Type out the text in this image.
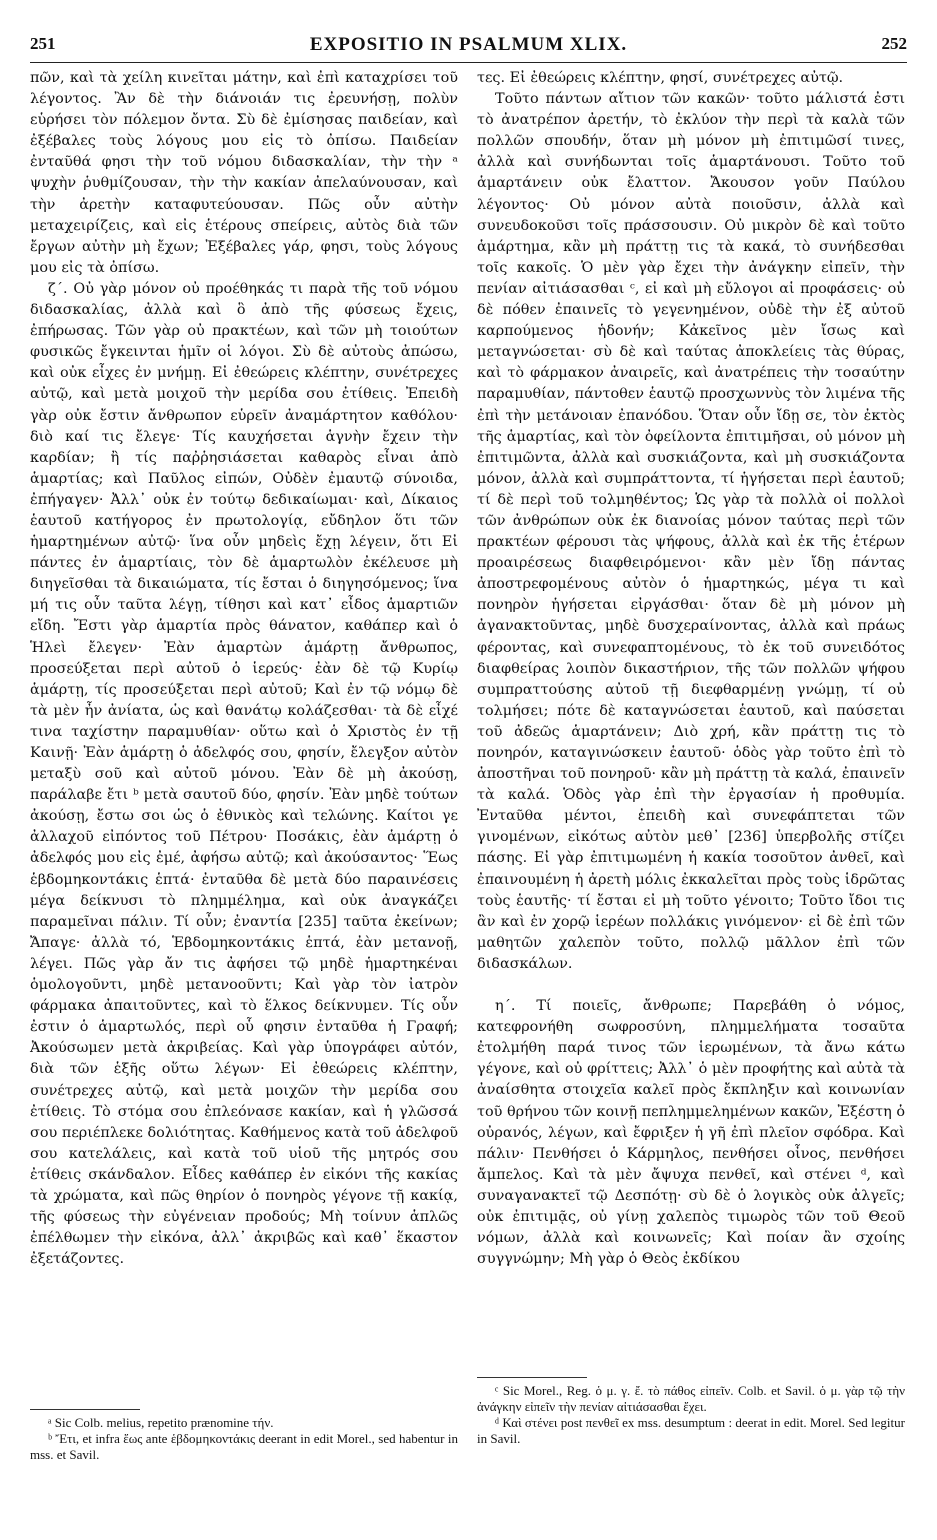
251	EXPOSITIO IN PSALMUM XLIX.	252

πῶν, καὶ τὰ χείλη κινεῖται μάτην, καὶ ἐπὶ καταχρίσει τοῦ λέγοντος. Ἂν δὲ τὴν διάνοιάν τις ἐρευνήσῃ, πολὺν εὑρήσει τὸν πόλεμον ὄντα. Σὺ δὲ ἐμίσησας παιδείαν, καὶ ἐξέβαλες τοὺς λόγους μου εἰς τὸ ὀπίσω. Παιδείαν ἐνταῦθά φησι τὴν τοῦ νόμου διδασκαλίαν, τὴν τὴν ᵃ ψυχὴν ῥυθμίζουσαν, τὴν τὴν κακίαν ἀπελαύνουσαν, καὶ τὴν ἀρετὴν καταφυτεύουσαν. Πῶς οὖν αὐτὴν μεταχειρίζεις, καὶ εἰς ἑτέρους σπείρεις, αὐτὸς διὰ τῶν ἔργων αὐτὴν μὴ ἔχων; Ἐξέβαλες γάρ, φησι, τοὺς λόγους μου εἰς τὰ ὀπίσω.

ζ΄. Οὐ γὰρ μόνον οὐ προέθηκάς τι παρὰ τῆς τοῦ νόμου διδασκαλίας, ἀλλὰ καὶ ὃ ἀπὸ τῆς φύσεως ἔχεις, ἐπήρωσας. Τῶν γὰρ οὐ πρακτέων, καὶ τῶν μὴ τοιούτων φυσικῶς ἔγκεινται ἡμῖν οἱ λόγοι. Σὺ δὲ αὐτοὺς ἀπώσω, καὶ οὐκ εἶχες ἐν μνήμῃ. Εἰ ἐθεώρεις κλέπτην, συνέτρεχες αὐτῷ, καὶ μετὰ μοιχοῦ τὴν μερίδα σου ἐτίθεις. Ἐπειδὴ γὰρ οὐκ ἔστιν ἄνθρωπον εὑρεῖν ἀναμάρτητον καθόλου· διὸ καί τις ἔλεγε· Τίς καυχήσεται ἁγνὴν ἔχειν τὴν καρδίαν; ἢ τίς παῤῥησιάσεται καθαρὸς εἶναι ἀπὸ ἁμαρτίας; καὶ Παῦλος εἰπών, Οὐδὲν ἐμαυτῷ σύνοιδα, ἐπήγαγεν· Ἀλλ᾿ οὐκ ἐν τούτῳ δεδικαίωμαι· καὶ, Δίκαιος ἑαυτοῦ κατήγορος ἐν πρωτολογίᾳ, εὔδηλον ὅτι τῶν ἡμαρτημένων αὐτῷ· ἵνα οὖν μηδεὶς ἔχῃ λέγειν, ὅτι Εἰ πάντες ἐν ἁμαρτίαις, τὸν δὲ ἁμαρτωλὸν ἐκέλευσε μὴ διηγεῖσθαι τὰ δικαιώματα, τίς ἔσται ὁ διηγησόμενος; ἵνα μή τις οὖν ταῦτα λέγῃ, τίθησι καὶ κατ᾿ εἶδος ἁμαρτιῶν εἴδη. Ἔστι γὰρ ἁμαρτία πρὸς θάνατον, καθάπερ καὶ ὁ Ἡλεὶ ἔλεγεν· Ἐὰν ἁμαρτὼν ἁμάρτῃ ἄνθρωπος, προσεύξεται περὶ αὐτοῦ ὁ ἱερεύς· ἐὰν δὲ τῷ Κυρίῳ ἁμάρτῃ, τίς προσεύξεται περὶ αὐτοῦ; Καὶ ἐν τῷ νόμῳ δὲ τὰ μὲν ἦν ἀνίατα, ὡς καὶ θανάτῳ κολάζεσθαι· τὰ δὲ εἶχέ τινα ταχίστην παραμυθίαν· οὕτω καὶ ὁ Χριστὸς ἐν τῇ Καινῇ· Ἐὰν ἁμάρτῃ ὁ ἀδελφός σου, φησίν, ἔλεγξον αὐτὸν μεταξὺ σοῦ καὶ αὐτοῦ μόνου. Ἐὰν δὲ μὴ ἀκούσῃ, παράλαβε ἔτι ᵇ μετὰ σαυτοῦ δύο, φησίν. Ἐὰν μηδὲ τούτων ἀκούσῃ, ἔστω σοι ὡς ὁ ἐθνικὸς καὶ τελώνης. Καίτοι γε ἀλλαχοῦ εἰπόντος τοῦ Πέτρου· Ποσάκις, ἐὰν ἁμάρτῃ ὁ ἀδελφός μου εἰς ἐμέ, ἀφήσω αὐτῷ; καὶ ἀκούσαντος· Ἕως ἑβδομηκοντάκις ἑπτά· ἐνταῦθα δὲ μετὰ δύο παραινέσεις μέγα δείκνυσι τὸ πλημμέλημα, καὶ οὐκ ἀναγκάζει παραμεῖναι πάλιν. Τί οὖν; ἐναντία [235] ταῦτα ἐκείνων; Ἄπαγε· ἀλλὰ τό, Ἑβδομηκοντάκις ἑπτά, ἐὰν μετανοῇ, λέγει. Πῶς γὰρ ἄν τις ἀφήσει τῷ μηδὲ ἡμαρτηκέναι ὁμολογοῦντι, μηδὲ μετανοοῦντι; Καὶ γὰρ τὸν ἰατρὸν φάρμακα ἀπαιτοῦντες, καὶ τὸ ἕλκος δείκνυμεν. Τίς οὖν ἐστιν ὁ ἁμαρτωλός, περὶ οὗ φησιν ἐνταῦθα ἡ Γραφή; Ἀκούσωμεν μετὰ ἀκριβείας. Καὶ γὰρ ὑπογράφει αὐτόν, διὰ τῶν ἑξῆς οὕτω λέγων· Εἰ ἐθεώρεις κλέπτην, συνέτρεχες αὐτῷ, καὶ μετὰ μοιχῶν τὴν μερίδα σου ἐτίθεις. Τὸ στόμα σου ἐπλεόνασε κακίαν, καὶ ἡ γλῶσσά σου περιέπλεκε δολιότητας. Καθήμενος κατὰ τοῦ ἀδελφοῦ σου κατελάλεις, καὶ κατὰ τοῦ υἱοῦ τῆς μητρός σου ἐτίθεις σκάνδαλον. Εἶδες καθάπερ ἐν εἰκόνι τῆς κακίας τὰ χρώματα, καὶ πῶς θηρίον ὁ πονηρὸς γέγονε τῇ κακίᾳ, τῆς φύσεως τὴν εὐγένειαν προδούς; Μὴ τοίνυν ἁπλῶς ἐπέλθωμεν τὴν εἰκόνα, ἀλλ᾿ ἀκριβῶς καὶ καθ᾿ ἕκαστον ἐξετάζοντες.

τες. Εἰ ἐθεώρεις κλέπτην, φησί, συνέτρεχες αὐτῷ.

Τοῦτο πάντων αἴτιον τῶν κακῶν· τοῦτο μάλιστά ἐστι τὸ ἀνατρέπον ἀρετήν, τὸ ἐκλύον τὴν περὶ τὰ καλὰ τῶν πολλῶν σπουδήν, ὅταν μὴ μόνον μὴ ἐπιτιμῶσί τινες, ἀλλὰ καὶ συνήδωνται τοῖς ἁμαρτάνουσι. Τοῦτο τοῦ ἁμαρτάνειν οὐκ ἔλαττον. Ἄκουσον γοῦν Παύλου λέγοντος· Οὐ μόνον αὐτὰ ποιοῦσιν, ἀλλὰ καὶ συνευδοκοῦσι τοῖς πράσσουσιν. Οὐ μικρὸν δὲ καὶ τοῦτο ἁμάρτημα, κἂν μὴ πράττῃ τις τὰ κακά, τὸ συνήδεσθαι τοῖς κακοῖς. Ὁ μὲν γὰρ ἔχει τὴν ἀνάγκην εἰπεῖν, τὴν πενίαν αἰτιάσασθαι ᶜ, εἰ καὶ μὴ εὔλογοι αἱ προφάσεις· οὐ δὲ πόθεν ἐπαινεῖς τὸ γεγενημένον, οὐδὲ τὴν ἐξ αὐτοῦ καρπούμενος ἡδονήν; Κἀκεῖνος μὲν ἴσως καὶ μεταγνώσεται· σὺ δὲ καὶ ταύτας ἀποκλείεις τὰς θύρας, καὶ τὸ φάρμακον ἀναιρεῖς, καὶ ἀνατρέπεις τὴν τοσαύτην παραμυθίαν, πάντοθεν ἑαυτῷ προσχωννὺς τὸν λιμένα τῆς ἐπὶ τὴν μετάνοιαν ἐπανόδου. Ὅταν οὖν ἴδῃ σε, τὸν ἐκτὸς τῆς ἁμαρτίας, καὶ τὸν ὀφείλοντα ἐπιτιμῆσαι, οὐ μόνον μὴ ἐπιτιμῶντα, ἀλλὰ καὶ συσκιάζοντα, καὶ μὴ συσκιάζοντα μόνον, ἀλλὰ καὶ συμπράττοντα, τί ἡγήσεται περὶ ἑαυτοῦ; τί δὲ περὶ τοῦ τολμηθέντος; Ὡς γὰρ τὰ πολλὰ οἱ πολλοὶ τῶν ἀνθρώπων οὐκ ἐκ διανοίας μόνον ταύτας περὶ τῶν πρακτέων φέρουσι τὰς ψήφους, ἀλλὰ καὶ ἐκ τῆς ἑτέρων προαιρέσεως διαφθειρόμενοι· κἂν μὲν ἴδῃ πάντας ἀποστρεφομένους αὐτὸν ὁ ἡμαρτηκώς, μέγα τι καὶ πονηρὸν ἡγήσεται εἰργάσθαι· ὅταν δὲ μὴ μόνον μὴ ἀγανακτοῦντας, μηδὲ δυσχεραίνοντας, ἀλλὰ καὶ πράως φέροντας, καὶ συνεφαπτομένους, τὸ ἐκ τοῦ συνειδότος διαφθείρας λοιπὸν δικαστήριον, τῆς τῶν πολλῶν ψήφου συμπραττούσης αὐτοῦ τῇ διεφθαρμένῃ γνώμῃ, τί οὐ τολμήσει; πότε δὲ καταγνώσεται ἑαυτοῦ, καὶ παύσεται τοῦ ἀδεῶς ἁμαρτάνειν; Διὸ χρή, κἂν πράττῃ τις τὸ πονηρόν, καταγινώσκειν ἑαυτοῦ· ὁδὸς γὰρ τοῦτο ἐπὶ τὸ ἀποστῆναι τοῦ πονηροῦ· κἂν μὴ πράττῃ τὰ καλά, ἐπαινεῖν τὰ καλά. Ὁδὸς γὰρ ἐπὶ τὴν ἐργασίαν ἡ προθυμία. Ἐνταῦθα μέντοι, ἐπειδὴ καὶ συνεφάπτεται τῶν γινομένων, εἰκότως αὐτὸν μεθ᾿ [236] ὑπερβολῆς στίζει πάσης. Εἰ γὰρ ἐπιτιμωμένη ἡ κακία τοσοῦτον ἀνθεῖ, καὶ ἐπαινουμένη ἡ ἀρετὴ μόλις ἐκκαλεῖται πρὸς τοὺς ἱδρῶτας τοὺς ἑαυτῆς· τί ἔσται εἰ μὴ τοῦτο γένοιτο; Τοῦτο ἴδοι τις ἂν καὶ ἐν χορῷ ἱερέων πολλάκις γινόμενον· εἰ δὲ ἐπὶ τῶν μαθητῶν χαλεπὸν τοῦτο, πολλῷ μᾶλλον ἐπὶ τῶν διδασκάλων.

η΄. Τί ποιεῖς, ἄνθρωπε; Παρεβάθη ὁ νόμος, κατεφρονήθη σωφροσύνη, πλημμελήματα τοσαῦτα ἐτολμήθη παρά τινος τῶν ἱερωμένων, τὰ ἄνω κάτω γέγονε, καὶ οὐ φρίττεις; Ἀλλ᾿ ὁ μὲν προφήτης καὶ αὐτὰ τὰ ἀναίσθητα στοιχεῖα καλεῖ πρὸς ἔκπληξιν καὶ κοινωνίαν τοῦ θρήνου τῶν κοινῇ πεπλημμελημένων κακῶν, Ἐξέστη ὁ οὐρανός, λέγων, καὶ ἔφριξεν ἡ γῆ ἐπὶ πλεῖον σφόδρα. Καὶ πάλιν· Πενθήσει ὁ Κάρμηλος, πενθήσει οἶνος, πενθήσει ἄμπελος. Καὶ τὰ μὲν ἄψυχα πενθεῖ, καὶ στένει ᵈ, καὶ συναγανακτεῖ τῷ Δεσπότῃ· σὺ δὲ ὁ λογικὸς οὐκ ἀλγεῖς; οὐκ ἐπιτιμᾷς, οὐ γίνῃ χαλεπὸς τιμωρὸς τῶν τοῦ Θεοῦ νόμων, ἀλλὰ καὶ κοινωνεῖς; Καὶ ποίαν ἂν σχοίης συγγνώμην; Μὴ γὰρ ὁ Θεὸς ἐκδίκου

ᵃ Sic Colb. melius, repetito prænomine τήν.

ᵇ Ἔτι, et infra ἕως ante ἑβδομηκοντάκις deerant in edit Morel., sed habentur in mss. et Savil.

ᶜ Sic Morel., Reg. ὁ μ. γ. ἔ. τὸ πάθος εἰπεῖν. Colb. et Savil. ὁ μ. γὰρ τῷ τὴν ἀνάγκην εἰπεῖν τὴν πενίαν αἰτιάσασθαι ἔχει.

ᵈ Καὶ στένει post πενθεῖ ex mss. desumptum : deerat in edit. Morel. Sed legitur in Savil.
